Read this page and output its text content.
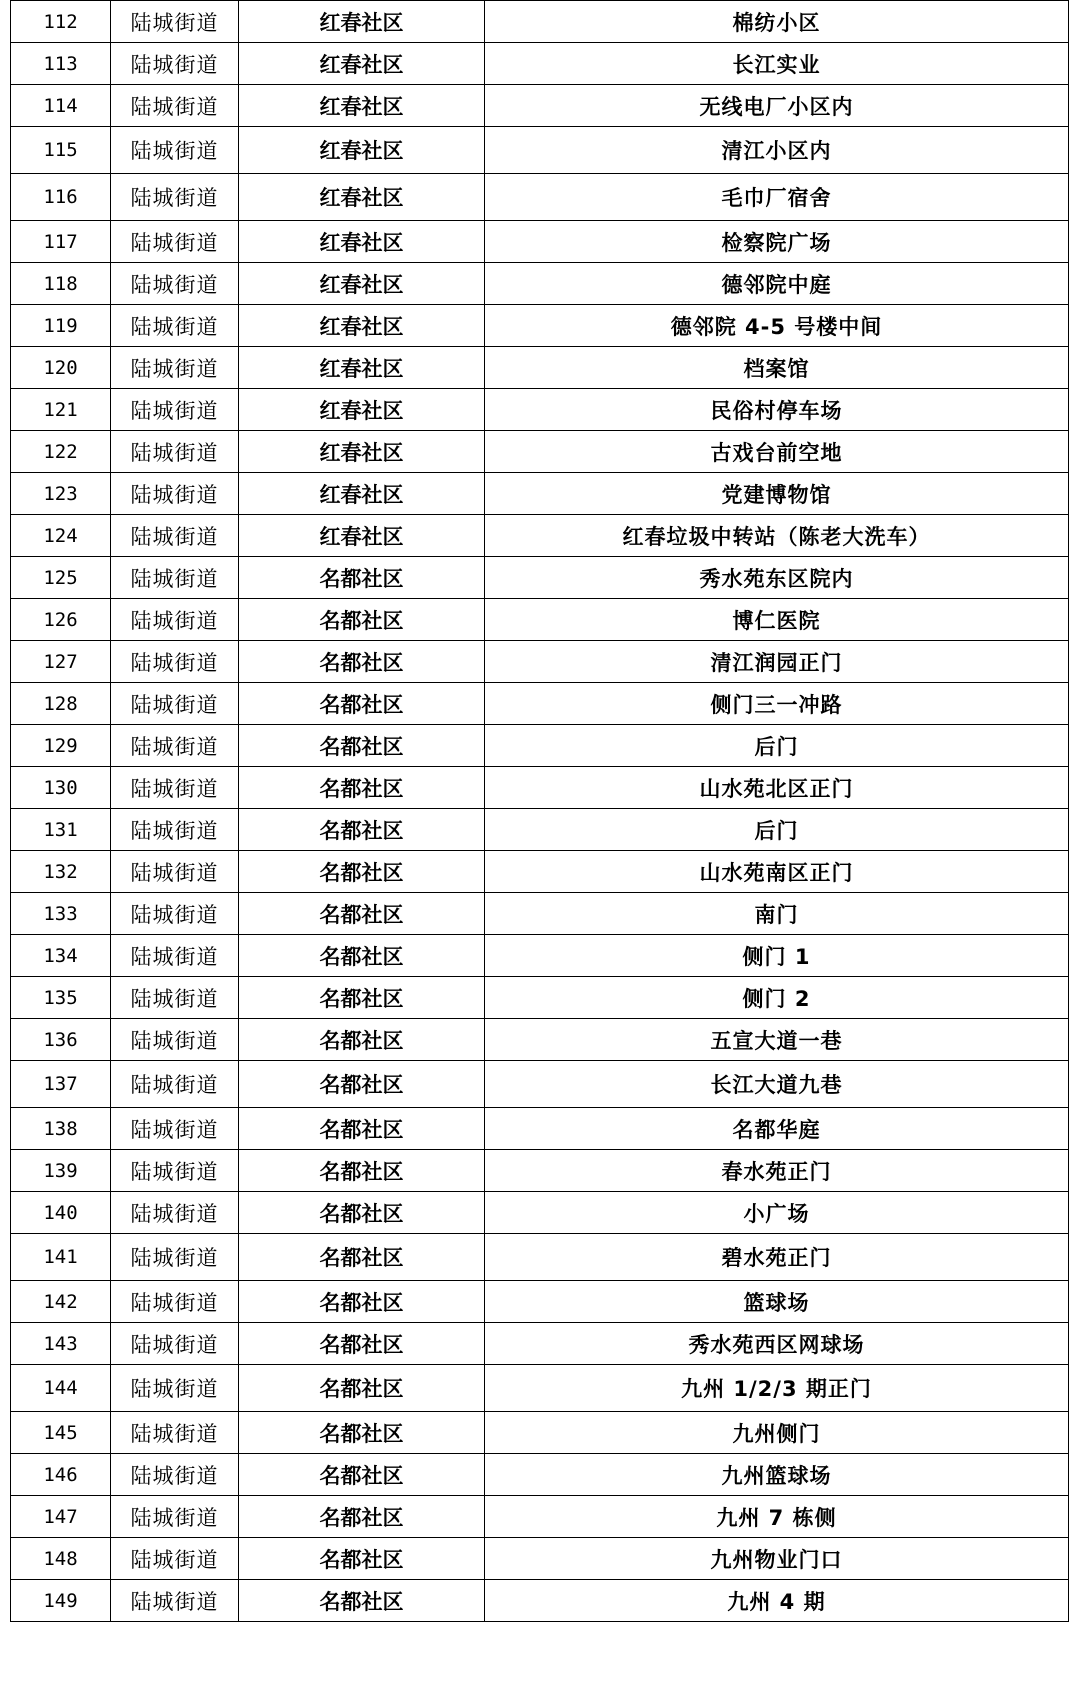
112	陆城街道	红春社区	棉纺小区
113	陆城街道	红春社区	长江实业
114	陆城街道	红春社区	无线电厂小区内
115	陆城街道	红春社区	清江小区内
116	陆城街道	红春社区	毛巾厂宿舍
117	陆城街道	红春社区	检察院广场
118	陆城街道	红春社区	德邻院中庭
119	陆城街道	红春社区	德邻院 4-5 号楼中间
120	陆城街道	红春社区	档案馆
121	陆城街道	红春社区	民俗村停车场
122	陆城街道	红春社区	古戏台前空地
123	陆城街道	红春社区	党建博物馆
124	陆城街道	红春社区	红春垃圾中转站（陈老大洗车）
125	陆城街道	名都社区	秀水苑东区院内
126	陆城街道	名都社区	博仁医院
127	陆城街道	名都社区	清江润园正门
128	陆城街道	名都社区	侧门三一冲路
129	陆城街道	名都社区	后门
130	陆城街道	名都社区	山水苑北区正门
131	陆城街道	名都社区	后门
132	陆城街道	名都社区	山水苑南区正门
133	陆城街道	名都社区	南门
134	陆城街道	名都社区	侧门 1
135	陆城街道	名都社区	侧门 2
136	陆城街道	名都社区	五宣大道一巷
137	陆城街道	名都社区	长江大道九巷
138	陆城街道	名都社区	名都华庭
139	陆城街道	名都社区	春水苑正门
140	陆城街道	名都社区	小广场
141	陆城街道	名都社区	碧水苑正门
142	陆城街道	名都社区	篮球场
143	陆城街道	名都社区	秀水苑西区网球场
144	陆城街道	名都社区	九州 1/2/3 期正门
145	陆城街道	名都社区	九州侧门
146	陆城街道	名都社区	九州篮球场
147	陆城街道	名都社区	九州 7 栋侧
148	陆城街道	名都社区	九州物业门口
149	陆城街道	名都社区	九州 4 期
